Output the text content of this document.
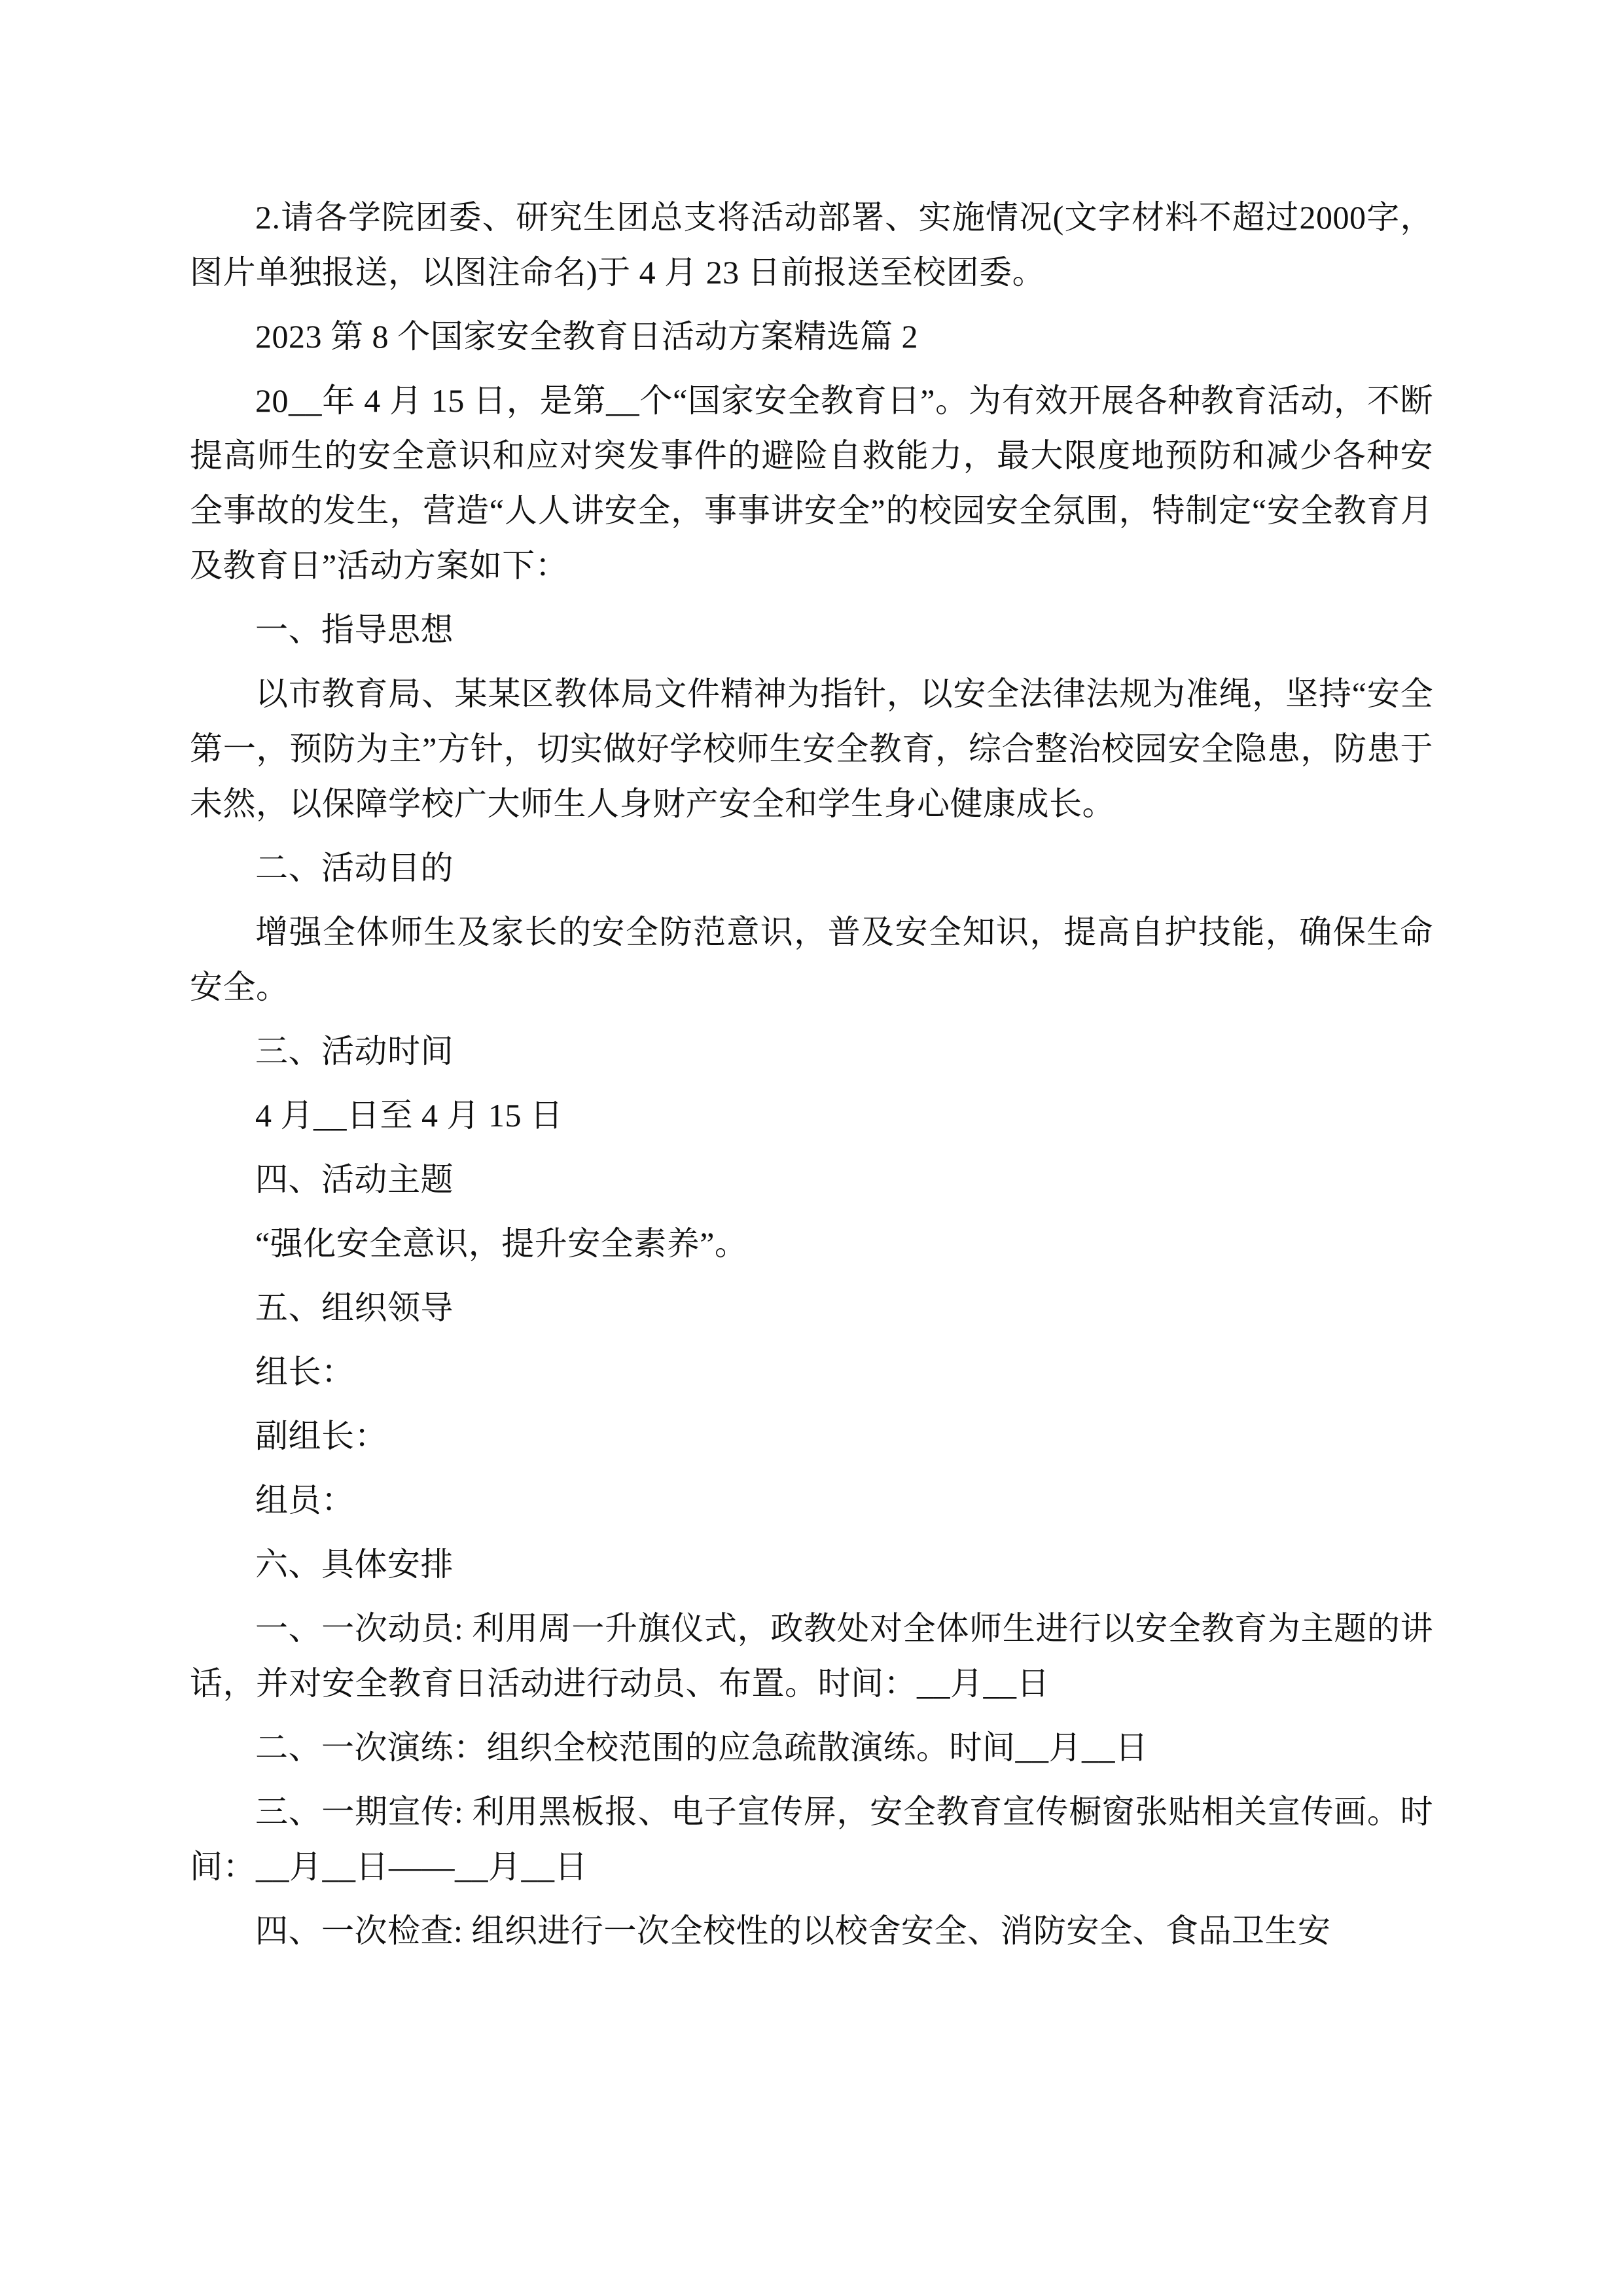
2.请各学院团委、研究生团总支将活动部署、实施情况(文字材料不超过2000字，图片单独报送，以图注命名)于 4 月 23 日前报送至校团委。

2023 第 8 个国家安全教育日活动方案精选篇 2

20__年 4 月 15 日，是第__个“国家安全教育日”。为有效开展各种教育活动，不断提高师生的安全意识和应对突发事件的避险自救能力，最大限度地预防和减少各种安全事故的发生，营造“人人讲安全，事事讲安全”的校园安全氛围，特制定“安全教育月及教育日”活动方案如下：

一、指导思想

以市教育局、某某区教体局文件精神为指针，以安全法律法规为准绳，坚持“安全第一，预防为主”方针，切实做好学校师生安全教育，综合整治校园安全隐患，防患于未然，以保障学校广大师生人身财产安全和学生身心健康成长。

二、活动目的

增强全体师生及家长的安全防范意识，普及安全知识，提高自护技能，确保生命安全。

三、活动时间

4 月__日至 4 月 15 日

四、活动主题

“强化安全意识，提升安全素养”。

五、组织领导

组长：

副组长：

组员：

六、具体安排

一、一次动员: 利用周一升旗仪式，政教处对全体师生进行以安全教育为主题的讲话，并对安全教育日活动进行动员、布置。时间：__月__日

二、一次演练：组织全校范围的应急疏散演练。时间__月__日

三、一期宣传: 利用黑板报、电子宣传屏，安全教育宣传橱窗张贴相关宣传画。时间：__月__日——__月__日

四、一次检查: 组织进行一次全校性的以校舍安全、消防安全、食品卫生安
